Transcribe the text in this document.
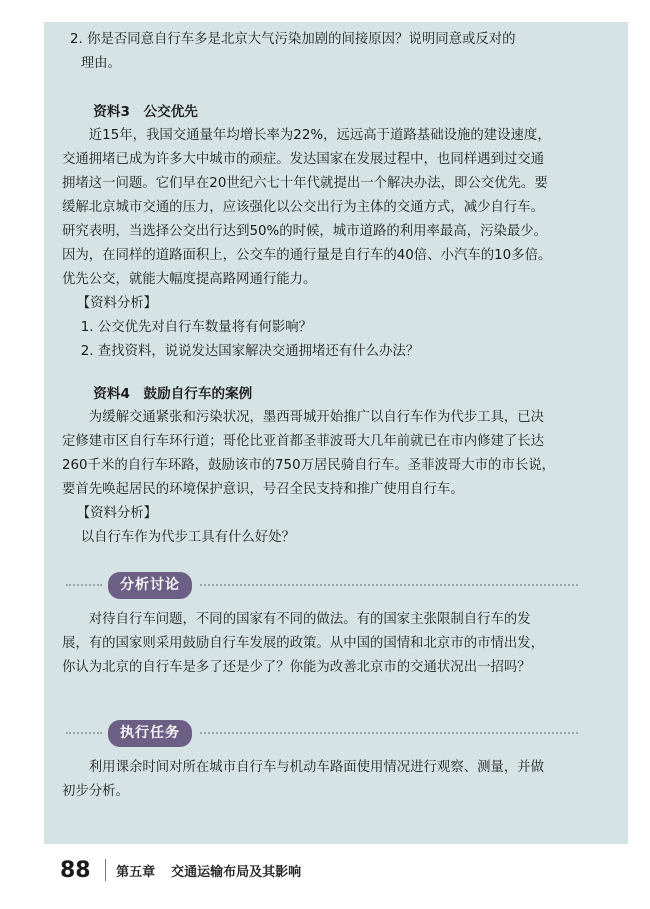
2. 你是否同意自行车多是北京大气污染加剧的间接原因？说明同意或反对的

理由。

资料3　公交优先

近15年，我国交通量年均增长率为22%，远远高于道路基础设施的建设速度，

交通拥堵已成为许多大中城市的顽症。发达国家在发展过程中，也同样遇到过交通

拥堵这一问题。它们早在20世纪六七十年代就提出一个解决办法，即公交优先。要

缓解北京城市交通的压力，应该强化以公交出行为主体的交通方式，减少自行车。

研究表明，当选择公交出行达到50%的时候，城市道路的利用率最高，污染最少。

因为，在同样的道路面积上，公交车的通行量是自行车的40倍、小汽车的10多倍。

优先公交，就能大幅度提高路网通行能力。

【资料分析】

1. 公交优先对自行车数量将有何影响？

2. 查找资料，说说发达国家解决交通拥堵还有什么办法？

资料4　鼓励自行车的案例

为缓解交通紧张和污染状况，墨西哥城开始推广以自行车作为代步工具，已决

定修建市区自行车环行道；哥伦比亚首都圣菲波哥大几年前就已在市内修建了长达

260千米的自行车环路，鼓励该市的750万居民骑自行车。圣菲波哥大市的市长说，

要首先唤起居民的环境保护意识，号召全民支持和推广使用自行车。

【资料分析】

以自行车作为代步工具有什么好处？

分析讨论

对待自行车问题，不同的国家有不同的做法。有的国家主张限制自行车的发

展，有的国家则采用鼓励自行车发展的政策。从中国的国情和北京市的市情出发，

你认为北京的自行车是多了还是少了？你能为改善北京市的交通状况出一招吗？

执行任务

利用课余时间对所在城市自行车与机动车路面使用情况进行观察、测量，并做

初步分析。

88 第五章 交通运输布局及其影响
